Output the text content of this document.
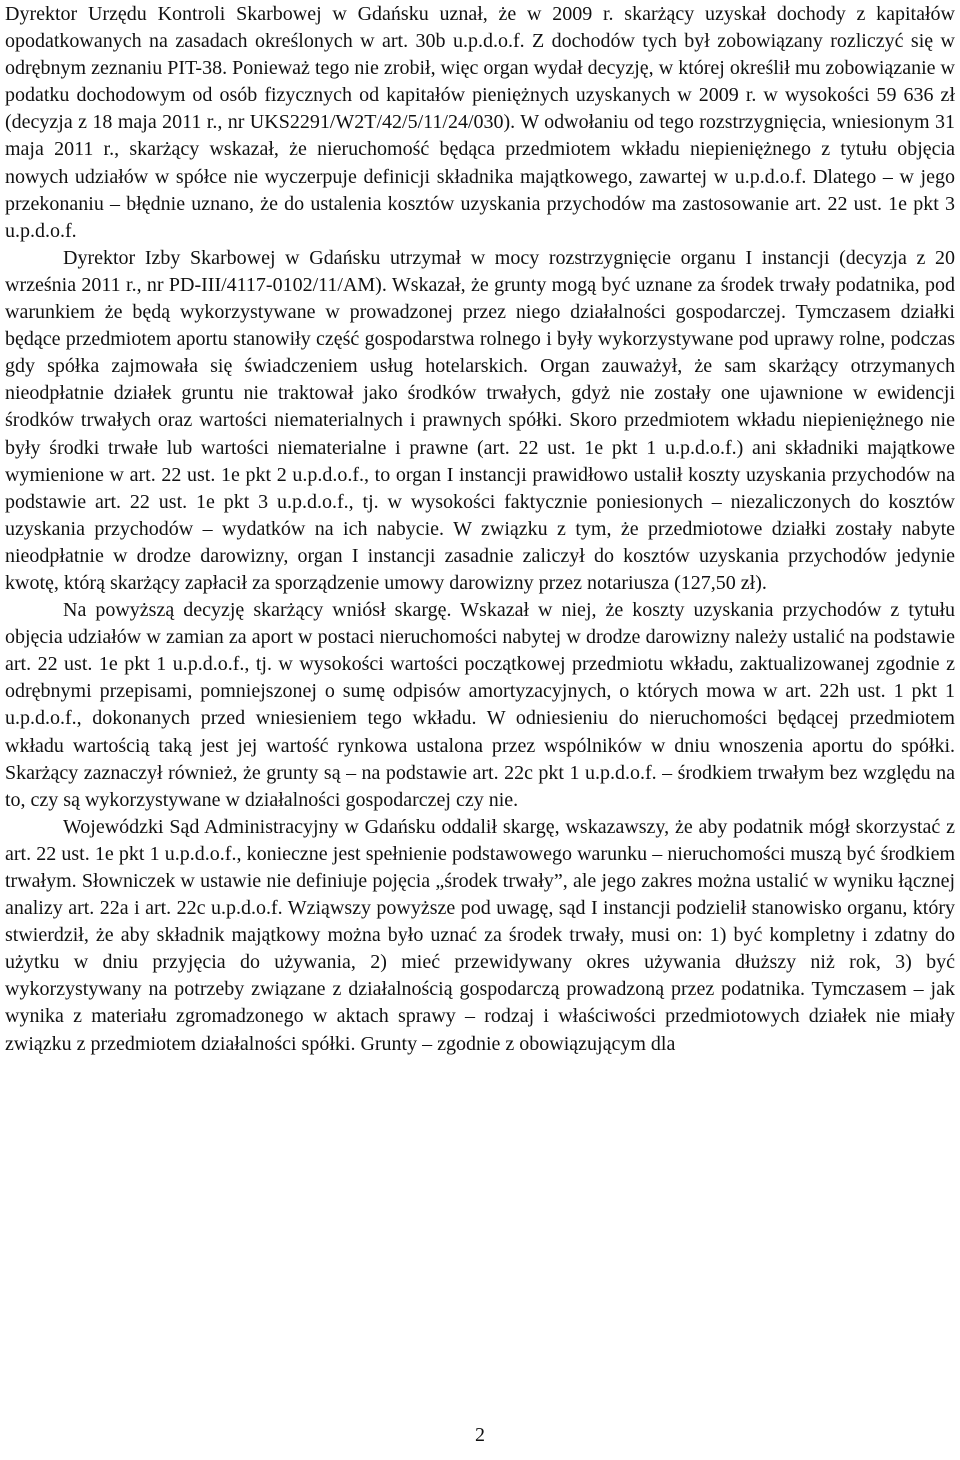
Dyrektor Urzędu Kontroli Skarbowej w Gdańsku uznał, że w 2009 r. skarżący uzyskał dochody z kapitałów opodatkowanych na zasadach określonych w art. 30b u.p.d.o.f. Z dochodów tych był zobowiązany rozliczyć się w odrębnym zeznaniu PIT-38. Ponieważ tego nie zrobił, więc organ wydał decyzję, w której określił mu zobowiązanie w podatku dochodowym od osób fizycznych od kapitałów pieniężnych uzyskanych w 2009 r. w wysokości 59 636 zł (decyzja z 18 maja 2011 r., nr UKS2291/W2T/42/5/11/24/030). W odwołaniu od tego rozstrzygnięcia, wniesionym 31 maja 2011 r., skarżący wskazał, że nieruchomość będąca przedmiotem wkładu niepieniężnego z tytułu objęcia nowych udziałów w spółce nie wyczerpuje definicji składnika majątkowego, zawartej w u.p.d.o.f. Dlatego – w jego przekonaniu – błędnie uznano, że do ustalenia kosztów uzyskania przychodów ma zastosowanie art. 22 ust. 1e pkt 3 u.p.d.o.f.

Dyrektor Izby Skarbowej w Gdańsku utrzymał w mocy rozstrzygnięcie organu I instancji (decyzja z 20 września 2011 r., nr PD-III/4117-0102/11/AM). Wskazał, że grunty mogą być uznane za środek trwały podatnika, pod warunkiem że będą wykorzystywane w prowadzonej przez niego działalności gospodarczej. Tymczasem działki będące przedmiotem aportu stanowiły część gospodarstwa rolnego i były wykorzystywane pod uprawy rolne, podczas gdy spółka zajmowała się świadczeniem usług hotelarskich. Organ zauważył, że sam skarżący otrzymanych nieodpłatnie działek gruntu nie traktował jako środków trwałych, gdyż nie zostały one ujawnione w ewidencji środków trwałych oraz wartości niematerialnych i prawnych spółki. Skoro przedmiotem wkładu niepieniężnego nie były środki trwałe lub wartości niematerialne i prawne (art. 22 ust. 1e pkt 1 u.p.d.o.f.) ani składniki majątkowe wymienione w art. 22 ust. 1e pkt 2 u.p.d.o.f., to organ I instancji prawidłowo ustalił koszty uzyskania przychodów na podstawie art. 22 ust. 1e pkt 3 u.p.d.o.f., tj. w wysokości faktycznie poniesionych – niezaliczonych do kosztów uzyskania przychodów – wydatków na ich nabycie. W związku z tym, że przedmiotowe działki zostały nabyte nieodpłatnie w drodze darowizny, organ I instancji zasadnie zaliczył do kosztów uzyskania przychodów jedynie kwotę, którą skarżący zapłacił za sporządzenie umowy darowizny przez notariusza (127,50 zł).

Na powyższą decyzję skarżący wniósł skargę. Wskazał w niej, że koszty uzyskania przychodów z tytułu objęcia udziałów w zamian za aport w postaci nieruchomości nabytej w drodze darowizny należy ustalić na podstawie art. 22 ust. 1e pkt 1 u.p.d.o.f., tj. w wysokości wartości początkowej przedmiotu wkładu, zaktualizowanej zgodnie z odrębnymi przepisami, pomniejszonej o sumę odpisów amortyzacyjnych, o których mowa w art. 22h ust. 1 pkt 1 u.p.d.o.f., dokonanych przed wniesieniem tego wkładu. W odniesieniu do nieruchomości będącej przedmiotem wkładu wartością taką jest jej wartość rynkowa ustalona przez wspólników w dniu wnoszenia aportu do spółki. Skarżący zaznaczył również, że grunty są – na podstawie art. 22c pkt 1 u.p.d.o.f. – środkiem trwałym bez względu na to, czy są wykorzystywane w działalności gospodarczej czy nie.

Wojewódzki Sąd Administracyjny w Gdańsku oddalił skargę, wskazawszy, że aby podatnik mógł skorzystać z art. 22 ust. 1e pkt 1 u.p.d.o.f., konieczne jest spełnienie podstawowego warunku – nieruchomości muszą być środkiem trwałym. Słowniczek w ustawie nie definiuje pojęcia „środek trwały”, ale jego zakres można ustalić w wyniku łącznej analizy art. 22a i art. 22c u.p.d.o.f. Wziąwszy powyższe pod uwagę, sąd I instancji podzielił stanowisko organu, który stwierdził, że aby składnik majątkowy można było uznać za środek trwały, musi on: 1) być kompletny i zdatny do użytku w dniu przyjęcia do używania, 2) mieć przewidywany okres używania dłuższy niż rok, 3) być wykorzystywany na potrzeby związane z działalnością gospodarczą prowadzoną przez podatnika. Tymczasem – jak wynika z materiału zgromadzonego w aktach sprawy – rodzaj i właściwości przedmiotowych działek nie miały związku z przedmiotem działalności spółki. Grunty – zgodnie z obowiązującym dla

2
